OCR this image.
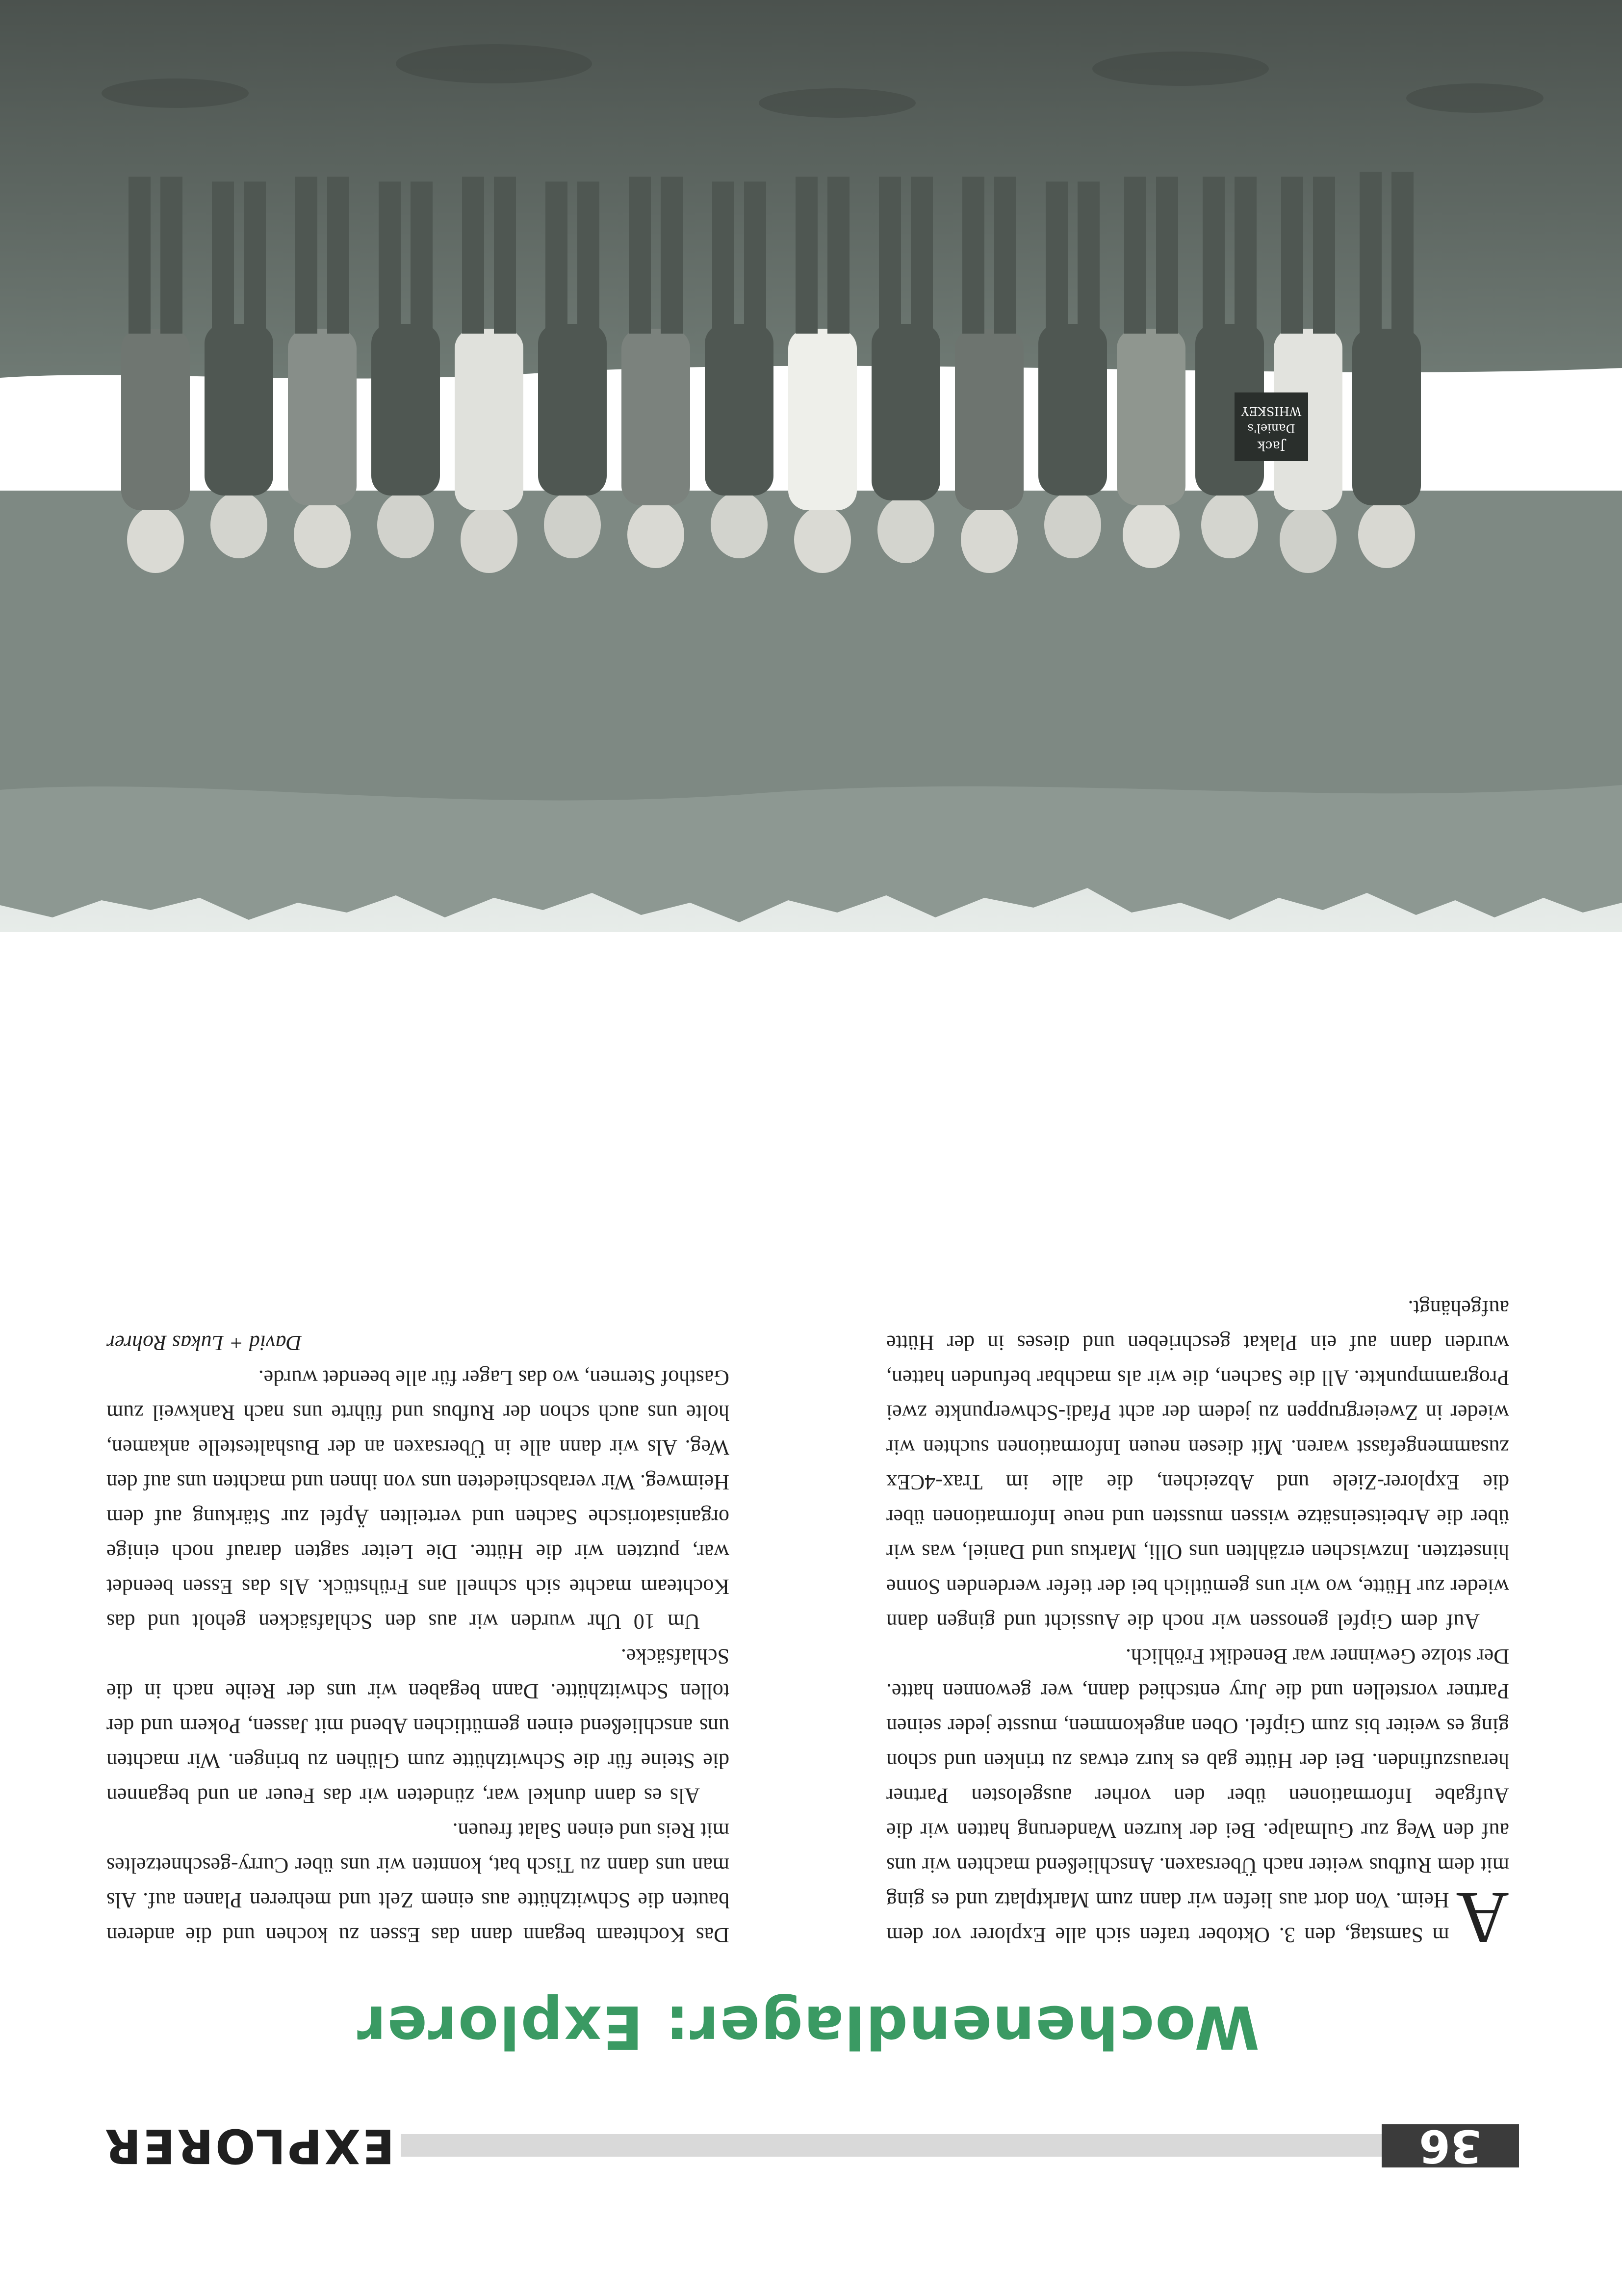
36
EXPLORER
Wochenendlager: Explorer

A
m Samstag, den 3. Oktober trafen sich alle Explorer vor dem Heim. Von dort aus liefen wir dann zum Marktplatz und es ging mit dem Rufbus weiter nach Übersaxen. Anschließend machten wir uns auf den Weg zur Gulmalpe. Bei der kurzen Wanderung hatten wir die Aufgabe Informationen über den vorher ausgelosten Partner herauszufinden. Bei der Hütte gab es kurz etwas zu trinken und schon ging es weiter bis zum Gipfel. Oben angekommen, musste jeder seinen Partner vorstellen und die Jury entschied dann, wer gewonnen hatte. Der stolze Gewinner war Benedikt Fröhlich.

Auf dem Gipfel genossen wir noch die Aussicht und gingen dann wieder zur Hütte, wo wir uns gemütlich bei der tiefer werdenden Sonne hinsetzten. Inzwischen erzählten uns Olli, Markus und Daniel, was wir über die Arbeitseinsätze wissen mussten und neue Informationen über die Explorer-Ziele und Abzeichen, die alle im Trax-4CEx zusammengefasst waren. Mit diesen neuen Informationen suchten wir wieder in Zweiergruppen zu jedem der acht Pfadi-Schwerpunkte zwei Programmpunkte. All die Sachen, die wir als machbar befunden hatten, wurden dann auf ein Plakat geschrieben und dieses in der Hütte aufgehängt.

Das Kochteam begann dann das Essen zu kochen und die anderen bauten die Schwitzhütte aus einem Zelt und mehreren Planen auf. Als man uns dann zu Tisch bat, konnten wir uns über Curry-geschnetzeltes mit Reis und einen Salat freuen.

Als es dann dunkel war, zündeten wir das Feuer an und begannen die Steine für die Schwitzhütte zum Glühen zu bringen. Wir machten uns anschließend einen gemütlichen Abend mit Jassen, Pokern und der tollen Schwitzhütte. Dann begaben wir uns der Reihe nach in die Schlafsäcke.

Um 10 Uhr wurden wir aus den Schlafsäcken geholt und das Kochteam machte sich schnell ans Frühstück. Als das Essen beendet war, putzten wir die Hütte. Die Leiter sagten darauf noch einige organisatorische Sachen und verteilten Äpfel zur Stärkung auf dem Heimweg. Wir verabschiedeten uns von ihnen und machten uns auf den Weg. Als wir dann alle in Übersaxen an der Bushaltestelle ankamen, holte uns auch schon der Rufbus und führte uns nach Rankweil zum Gasthof Sternen, wo das Lager für alle beendet wurde.

David + Lukas Rohrer

Jack
Daniel's
WHISKEY
